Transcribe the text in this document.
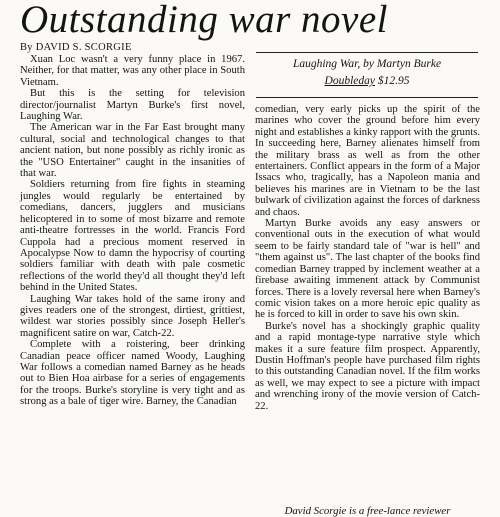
Outstanding war novel
By DAVID S. SCORGIE
Laughing War, by Martyn Burke
Doubleday $12.95

Xuan Loc wasn't a very funny place in 1967. Neither, for that matter, was any other place in South Vietnam.

But this is the setting for television director/journalist Martyn Burke's first novel, Laughing War.

The American war in the Far East brought many cultural, social and technological changes to that ancient nation, but none possibly as richly ironic as the "USO Entertainer" caught in the insanities of that war.

Soldiers returning from fire fights in steaming jungles would regularly be entertained by comedians, dancers, jugglers and musicians helicoptered in to some of most bizarre and remote anti-theatre fortresses in the world. Francis Ford Cuppola had a precious moment reserved in Apocalypse Now to damn the hypocrisy of courting soldiers familiar with death with pale cosmetic reflections of the world they'd all thought they'd left behind in the United States.

Laughing War takes hold of the same irony and gives readers one of the strongest, dirtiest, grittiest, wildest war stories possibly since Joseph Heller's magnificent satire on war, Catch-22.

Complete with a roistering, beer drinking Canadian peace officer named Woody, Laughing War follows a comedian named Barney as he heads out to Bien Hoa airbase for a series of engagements for the troops. Burke's storyline is very tight and as strong as a bale of tiger wire. Barney, the Canadian

comedian, very early picks up the spirit of the marines who cover the ground before him every night and establishes a kinky rapport with the grunts. In succeeding here, Barney alienates himself from the military brass as well as from the other entertainers. Conflict appears in the form of a Major Issacs who, tragically, has a Napoleon mania and believes his marines are in Vietnam to be the last bulwark of civilization against the forces of darkness and chaos.

Martyn Burke avoids any easy answers or conventional outs in the execution of what would seem to be fairly standard tale of "war is hell" and "them against us". The last chapter of the books find comedian Barney trapped by inclement weather at a firebase awaiting immenent attack by Communist forces. There is a lovely reversal here when Barney's comic vision takes on a more heroic epic quality as he is forced to kill in order to save his own skin.

Burke's novel has a shockingly graphic quality and a rapid montage-type narrative style which makes it a sure feature film prospect. Apparently, Dustin Hoffman's people have purchased film rights to this outstanding Canadian novel. If the film works as well, we may expect to see a picture with impact and wrenching irony of the movie version of Catch-22.

David Scorgie is a free-lance reviewer
